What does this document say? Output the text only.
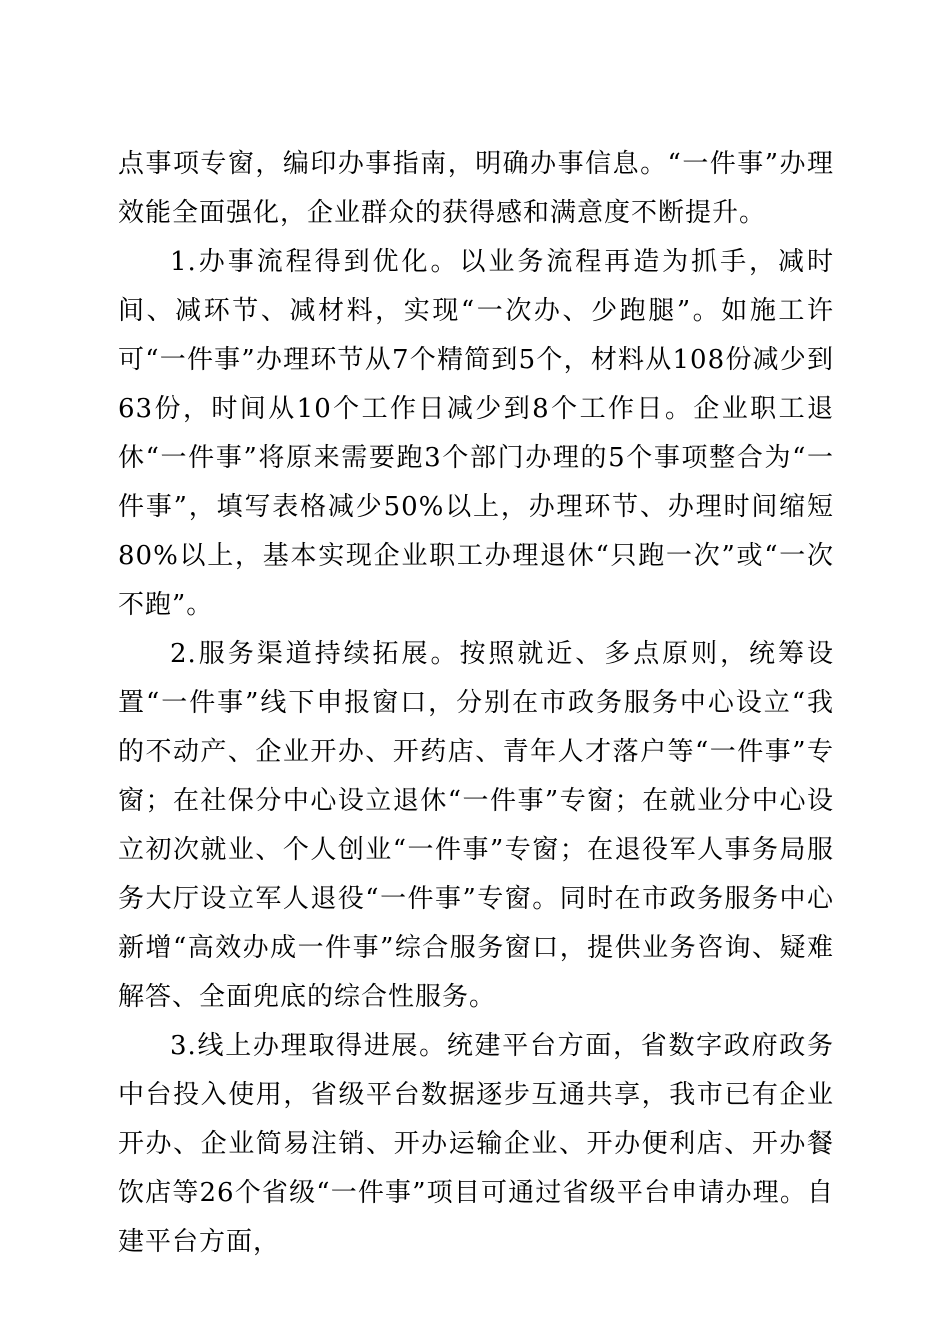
点事项专窗，编印办事指南，明确办事信息。“一件事”办理效能全面强化，企业群众的获得感和满意度不断提升。

1.办事流程得到优化。以业务流程再造为抓手，减时间、减环节、减材料，实现“一次办、少跑腿”。如施工许可“一件事”办理环节从7个精简到5个，材料从108份减少到63份，时间从10个工作日减少到8个工作日。企业职工退休“一件事”将原来需要跑3个部门办理的5个事项整合为“一件事”，填写表格减少50%以上，办理环节、办理时间缩短80%以上，基本实现企业职工办理退休“只跑一次”或“一次不跑”。

2.服务渠道持续拓展。按照就近、多点原则，统筹设置“一件事”线下申报窗口，分别在市政务服务中心设立“我的不动产、企业开办、开药店、青年人才落户等“一件事”专窗；在社保分中心设立退休“一件事”专窗；在就业分中心设立初次就业、个人创业“一件事”专窗；在退役军人事务局服务大厅设立军人退役“一件事”专窗。同时在市政务服务中心新增“高效办成一件事”综合服务窗口，提供业务咨询、疑难解答、全面兜底的综合性服务。

3.线上办理取得进展。统建平台方面，省数字政府政务中台投入使用，省级平台数据逐步互通共享，我市已有企业开办、企业简易注销、开办运输企业、开办便利店、开办餐饮店等26个省级“一件事”项目可通过省级平台申请办理。自建平台方面，
